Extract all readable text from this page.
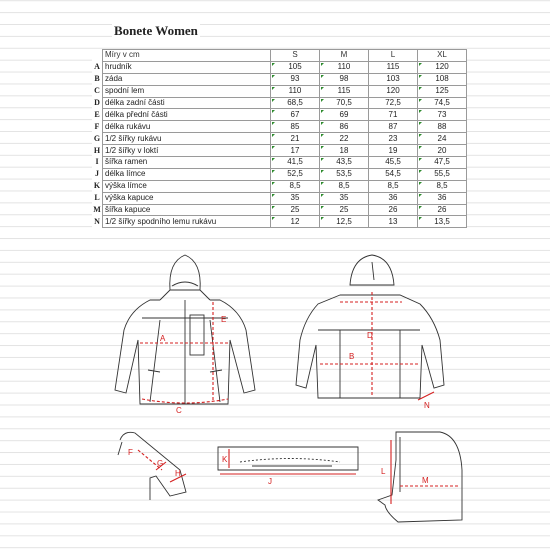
Bonete Women
	Míry v cm	S	M	L	XL
A	hrudník	105	110	115	120
B	záda	93	98	103	108
C	spodní lem	110	115	120	125
D	délka zadní části	68,5	70,5	72,5	74,5
E	délka přední části	67	69	71	73
F	délka rukávu	85	86	87	88
G	1/2 šířky rukávu	21	22	23	24
H	1/2 šířky v loktí	17	18	19	20
I	šířka ramen	41,5	43,5	45,5	47,5
J	délka límce	52,5	53,5	54,5	55,5
K	výška límce	8,5	8,5	8,5	8,5
L	výška kapuce	35	35	36	36
M	šířka kapuce	25	25	26	26
N	1/2 šířky spodního lemu rukávu	12	12,5	13	13,5
A
E
C
D
B
N
F
G
H
K
J
L
M
